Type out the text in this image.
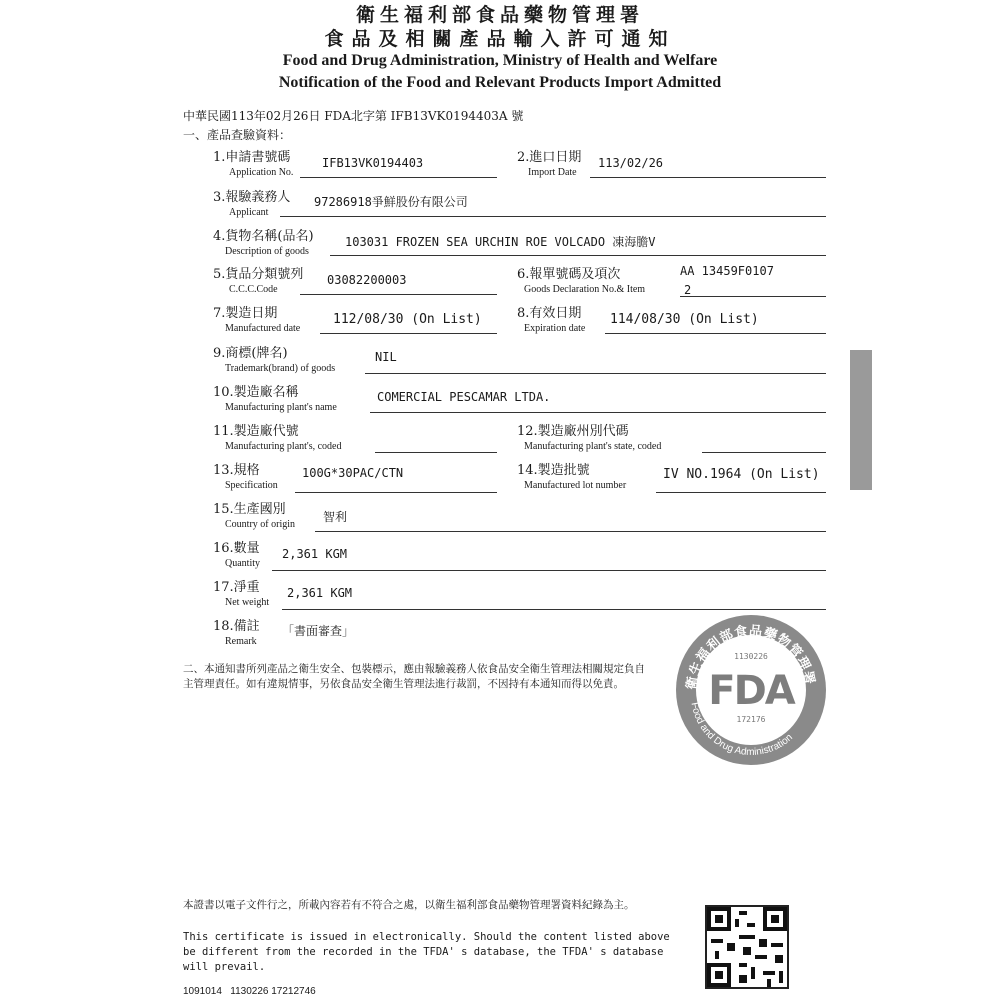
衛生福利部食品藥物管理署
食品及相關產品輸入許可通知
Food and Drug Administration, Ministry of Health and Welfare
Notification of the Food and Relevant Products Import Admitted
中華民國113年02月26日 FDA北字第 IFB13VK0194403A 號
一、產品查驗資料：
1.申請書號碼
Application No.
IFB13VK0194403	2.進口日期
Import Date
113/02/26
3.報驗義務人
Applicant
97286918爭鮮股份有限公司
4.貨物名稱(品名)
Description of goods
103031 FROZEN SEA URCHIN ROE VOLCADO 凍海膽V
5.貨品分類號列
C.C.C.Code
03082200003	6.報單號碼及項次
Goods Declaration No.& Item
AA 13459F0107
2
7.製造日期
Manufactured date
112/08/30 (On List)	8.有效日期
Expiration date
114/08/30 (On List)
9.商標(牌名)
Trademark(brand) of goods
NIL
10.製造廠名稱
Manufacturing plant's name
COMERCIAL PESCAMAR LTDA.
11.製造廠代號
Manufacturing plant's, coded
12.製造廠州別代碼
Manufacturing plant's state, coded
13.規格
Specification
100G*30PAC/CTN	14.製造批號
Manufactured lot number
IV NO.1964 (On List)
15.生產國別
Country of origin
智利
16.數量
Quantity
2,361 KGM
17.淨重
Net weight
2,361 KGM
18.備註
Remark
「書面審查」
二、本通知書所列產品之衛生安全、包裝標示，應由報驗義務人依食品安全衛生管理法相關規定負自主管理責任。如有違規情事，另依食品安全衛生管理法進行裁罰，不因持有本通知而得以免責。	衛生福利部食品藥物管理署
Food and Drug Administration
1130226
FDA
172176
本證書以電子文件行之，所載內容若有不符合之處，以衛生福利部食品藥物管理署資料紀錄為主。
This certificate is issued in electronically. Should the content listed above
be different from the recorded in the TFDA' s database, the TFDA' s database
will prevail.
1091014   1130226 17212746
